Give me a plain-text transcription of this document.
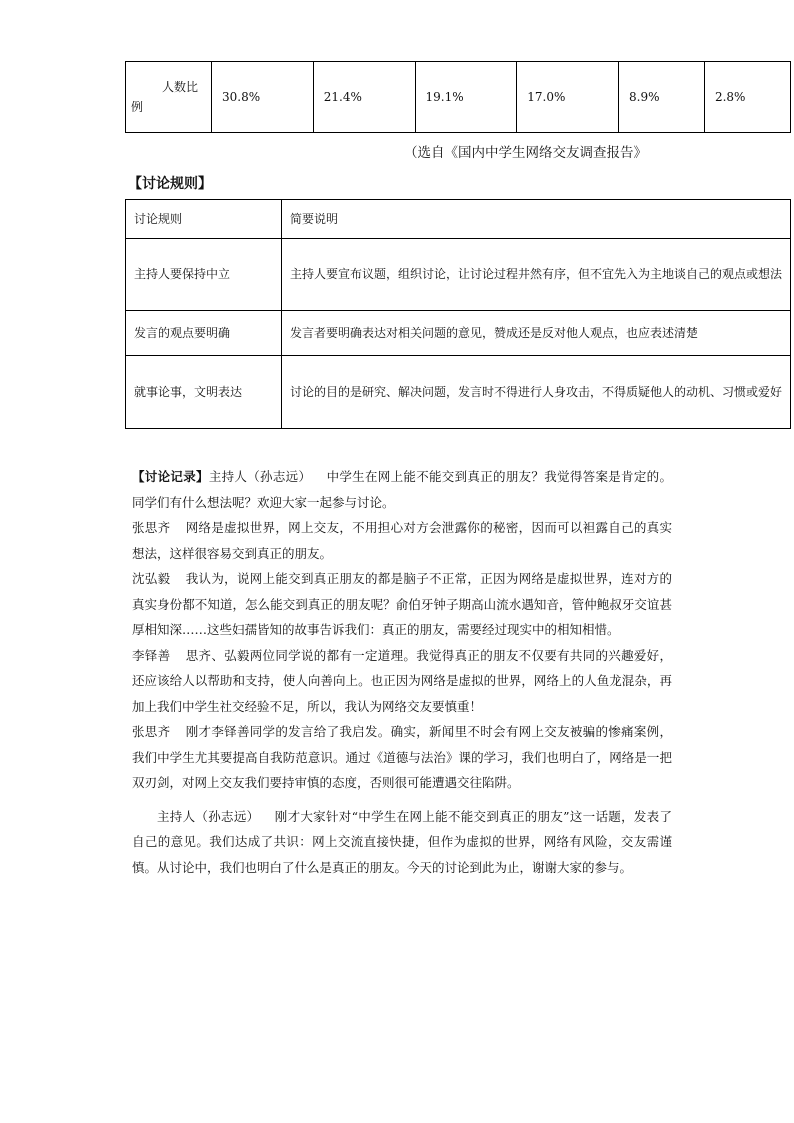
人数比
例
	30.8%	21.4%	19.1%	17.0%	8.9%	2.8%
（选自《国内中学生网络交友调查报告》
【讨论规则】
讨论规则	简要说明
主持人要保持中立	主持人要宣布议题，组织讨论，让讨论过程井然有序，但不宜先入为主地谈自己的观点或想法
发言的观点要明确	发言者要明确表达对相关问题的意见，赞成还是反对他人观点，也应表述清楚
就事论事，文明表达	讨论的目的是研究、解决问题，发言时不得进行人身攻击，不得质疑他人的动机、习惯或爱好

【讨论记录】主持人（孙志远） 中学生在网上能不能交到真正的朋友？我觉得答案是肯定的。同学们有什么想法呢？欢迎大家一起参与讨论。

张思齐 网络是虚拟世界，网上交友，不用担心对方会泄露你的秘密，因而可以袒露自己的真实想法，这样很容易交到真正的朋友。

沈弘毅 我认为，说网上能交到真正朋友的都是脑子不正常，正因为网络是虚拟世界，连对方的真实身份都不知道，怎么能交到真正的朋友呢？俞伯牙钟子期高山流水遇知音，管仲鲍叔牙交谊甚厚相知深……这些妇孺皆知的故事告诉我们：真正的朋友，需要经过现实中的相知相惜。

李铎善 思齐、弘毅两位同学说的都有一定道理。我觉得真正的朋友不仅要有共同的兴趣爱好，还应该给人以帮助和支持，使人向善向上。也正因为网络是虚拟的世界，网络上的人鱼龙混杂，再加上我们中学生社交经验不足，所以，我认为网络交友要慎重！

张思齐 刚才李铎善同学的发言给了我启发。确实，新闻里不时会有网上交友被骗的惨痛案例，我们中学生尤其要提高自我防范意识。通过《道德与法治》课的学习，我们也明白了，网络是一把双刃剑，对网上交友我们要持审慎的态度，否则很可能遭遇交往陷阱。

主持人（孙志远） 刚才大家针对“中学生在网上能不能交到真正的朋友”这一话题，发表了自己的意见。我们达成了共识：网上交流直接快捷，但作为虚拟的世界，网络有风险，交友需谨慎。从讨论中，我们也明白了什么是真正的朋友。今天的讨论到此为止，谢谢大家的参与。
